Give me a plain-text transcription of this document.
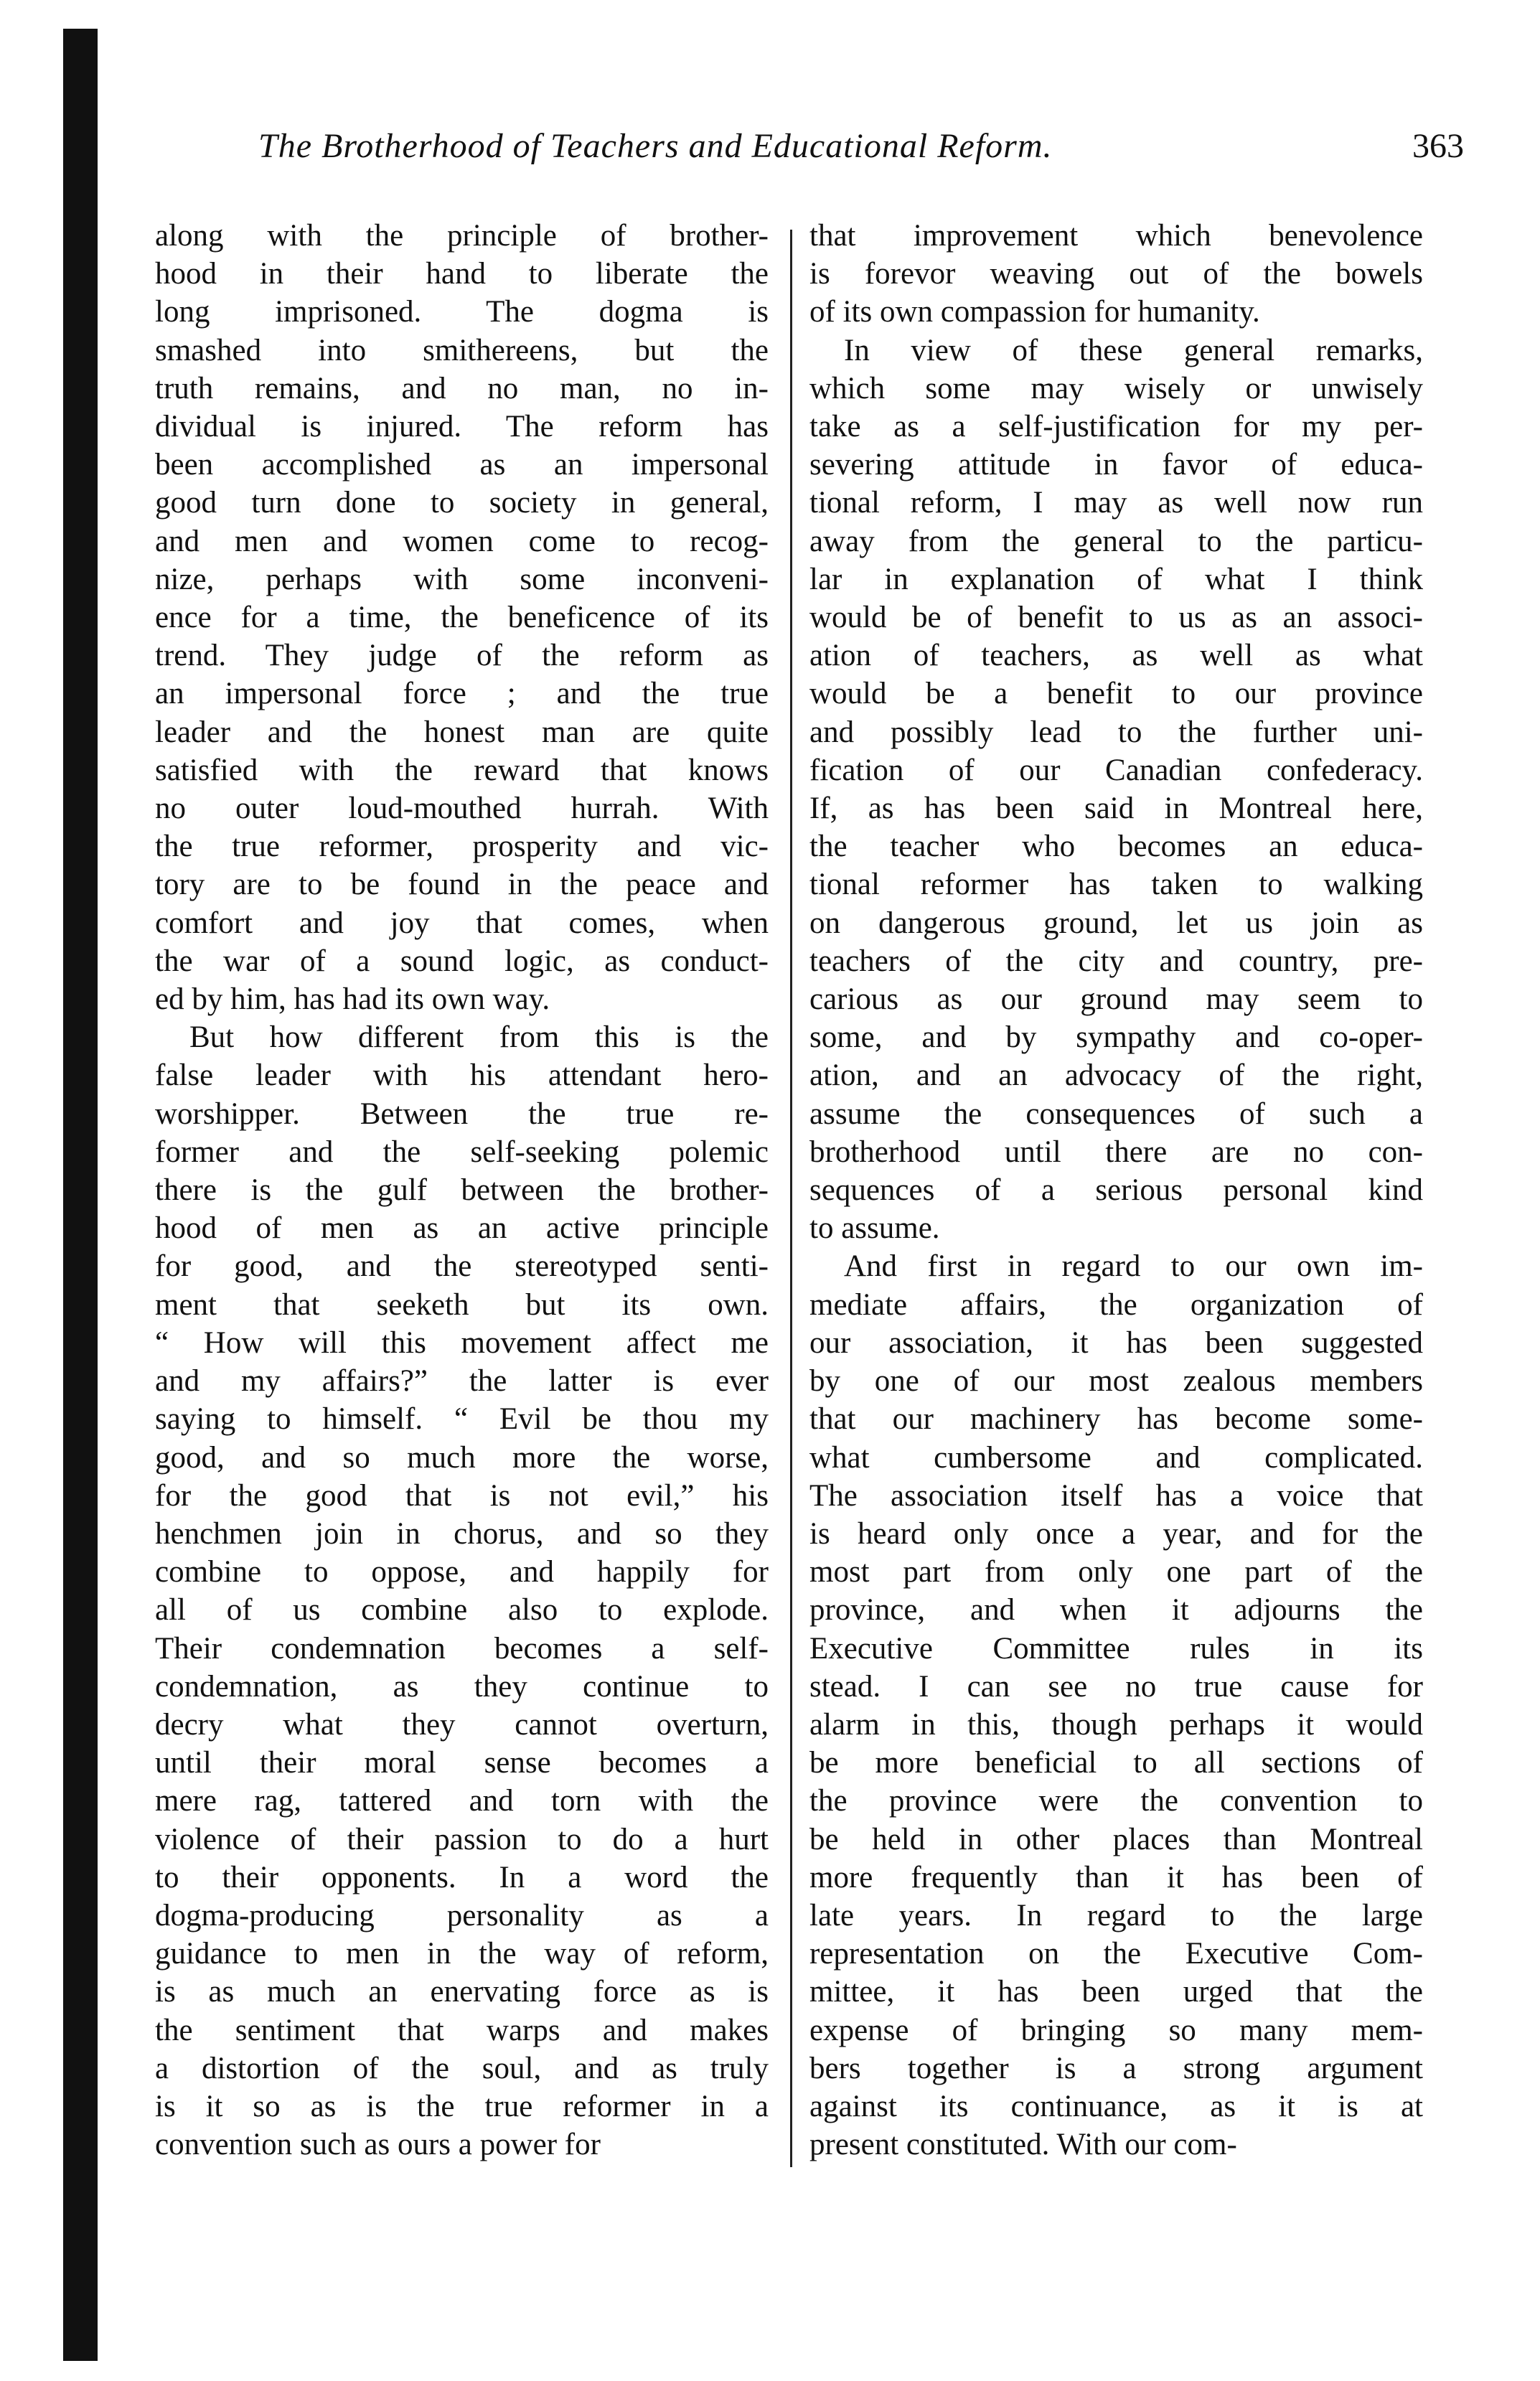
The Brotherhood of Teachers and Educational Reform.	363

along with the principle of brother-

hood in their hand to liberate the

long imprisoned. The dogma is

smashed into smithereens, but the

truth remains, and no man, no in-

dividual is injured. The reform has

been accomplished as an impersonal

good turn done to society in general,

and men and women come to recog-

nize, perhaps with some inconveni-

ence for a time, the beneficence of its

trend. They judge of the reform as

an impersonal force ; and the true

leader and the honest man are quite

satisfied with the reward that knows

no outer loud-mouthed hurrah. With

the true reformer, prosperity and vic-

tory are to be found in the peace and

comfort and joy that comes, when

the war of a sound logic, as conduct-

ed by him, has had its own way.

But how different from this is the

false leader with his attendant hero-

worshipper. Between the true re-

former and the self-seeking polemic

there is the gulf between the brother-

hood of men as an active principle

for good, and the stereotyped senti-

ment that seeketh but its own.

“ How will this movement affect me

and my affairs?” the latter is ever

saying to himself. “ Evil be thou my

good, and so much more the worse,

for the good that is not evil,” his

henchmen join in chorus, and so they

combine to oppose, and happily for

all of us combine also to explode.

Their condemnation becomes a self-

condemnation, as they continue to

decry what they cannot overturn,

until their moral sense becomes a

mere rag, tattered and torn with the

violence of their passion to do a hurt

to their opponents. In a word the

dogma-producing personality as a

guidance to men in the way of reform,

is as much an enervating force as is

the sentiment that warps and makes

a distortion of the soul, and as truly

is it so as is the true reformer in a

convention such as ours a power for

that improvement which benevolence

is forevor weaving out of the bowels

of its own compassion for humanity.

In view of these general remarks,

which some may wisely or unwisely

take as a self-justification for my per-

severing attitude in favor of educa-

tional reform, I may as well now run

away from the general to the particu-

lar in explanation of what I think

would be of benefit to us as an associ-

ation of teachers, as well as what

would be a benefit to our province

and possibly lead to the further uni-

fication of our Canadian confederacy.

If, as has been said in Montreal here,

the teacher who becomes an educa-

tional reformer has taken to walking

on dangerous ground, let us join as

teachers of the city and country, pre-

carious as our ground may seem to

some, and by sympathy and co-oper-

ation, and an advocacy of the right,

assume the consequences of such a

brotherhood until there are no con-

sequences of a serious personal kind

to assume.

And first in regard to our own im-

mediate affairs, the organization of

our association, it has been suggested

by one of our most zealous members

that our machinery has become some-

what cumbersome and complicated.

The association itself has a voice that

is heard only once a year, and for the

most part from only one part of the

province, and when it adjourns the

Executive Committee rules in its

stead. I can see no true cause for

alarm in this, though perhaps it would

be more beneficial to all sections of

the province were the convention to

be held in other places than Montreal

more frequently than it has been of

late years. In regard to the large

representation on the Executive Com-

mittee, it has been urged that the

expense of bringing so many mem-

bers together is a strong argument

against its continuance, as it is at

present constituted. With our com-
